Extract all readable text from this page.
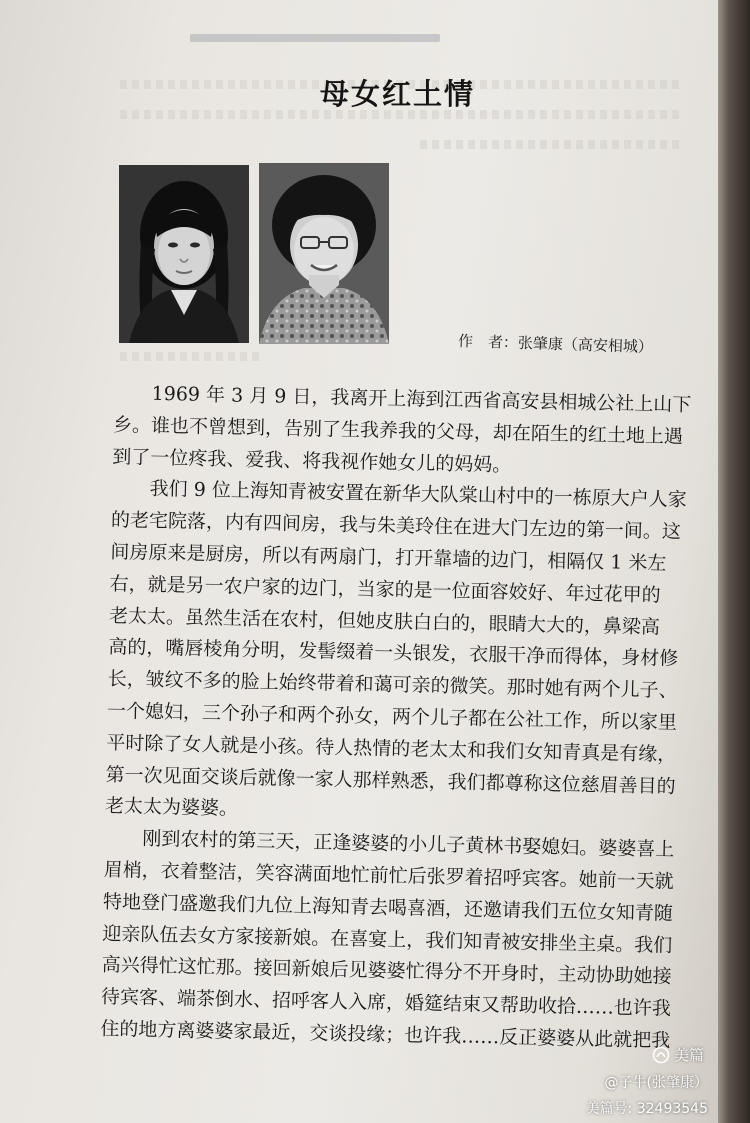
母女红土情
作　者：张肇康（高安相城）
1969 年 3 月 9 日，我离开上海到江西省高安县相城公社上山下
乡。谁也不曾想到，告别了生我养我的父母，却在陌生的红土地上遇
到了一位疼我、爱我、将我视作她女儿的妈妈。
我们 9 位上海知青被安置在新华大队棠山村中的一栋原大户人家
的老宅院落，内有四间房，我与朱美玲住在进大门左边的第一间。这
间房原来是厨房，所以有两扇门，打开靠墙的边门，相隔仅 1 米左
右，就是另一农户家的边门，当家的是一位面容姣好、年过花甲的
老太太。虽然生活在农村，但她皮肤白白的，眼睛大大的，鼻梁高
高的，嘴唇棱角分明，发髻缀着一头银发，衣服干净而得体，身材修
长，皱纹不多的脸上始终带着和蔼可亲的微笑。那时她有两个儿子、
一个媳妇，三个孙子和两个孙女，两个儿子都在公社工作，所以家里
平时除了女人就是小孩。待人热情的老太太和我们女知青真是有缘，
第一次见面交谈后就像一家人那样熟悉，我们都尊称这位慈眉善目的
老太太为婆婆。
刚到农村的第三天，正逢婆婆的小儿子黄林书娶媳妇。婆婆喜上
眉梢，衣着整洁，笑容满面地忙前忙后张罗着招呼宾客。她前一天就
特地登门盛邀我们九位上海知青去喝喜酒，还邀请我们五位女知青随
迎亲队伍去女方家接新娘。在喜宴上，我们知青被安排坐主桌。我们
高兴得忙这忙那。接回新娘后见婆婆忙得分不开身时，主动协助她接
待宾客、端茶倒水、招呼客人入席，婚筵结束又帮助收拾……也许我
住的地方离婆婆家最近，交谈投缘；也许我……反正婆婆从此就把我
美篇
@子牛(张肇康）
美篇号: 32493545
